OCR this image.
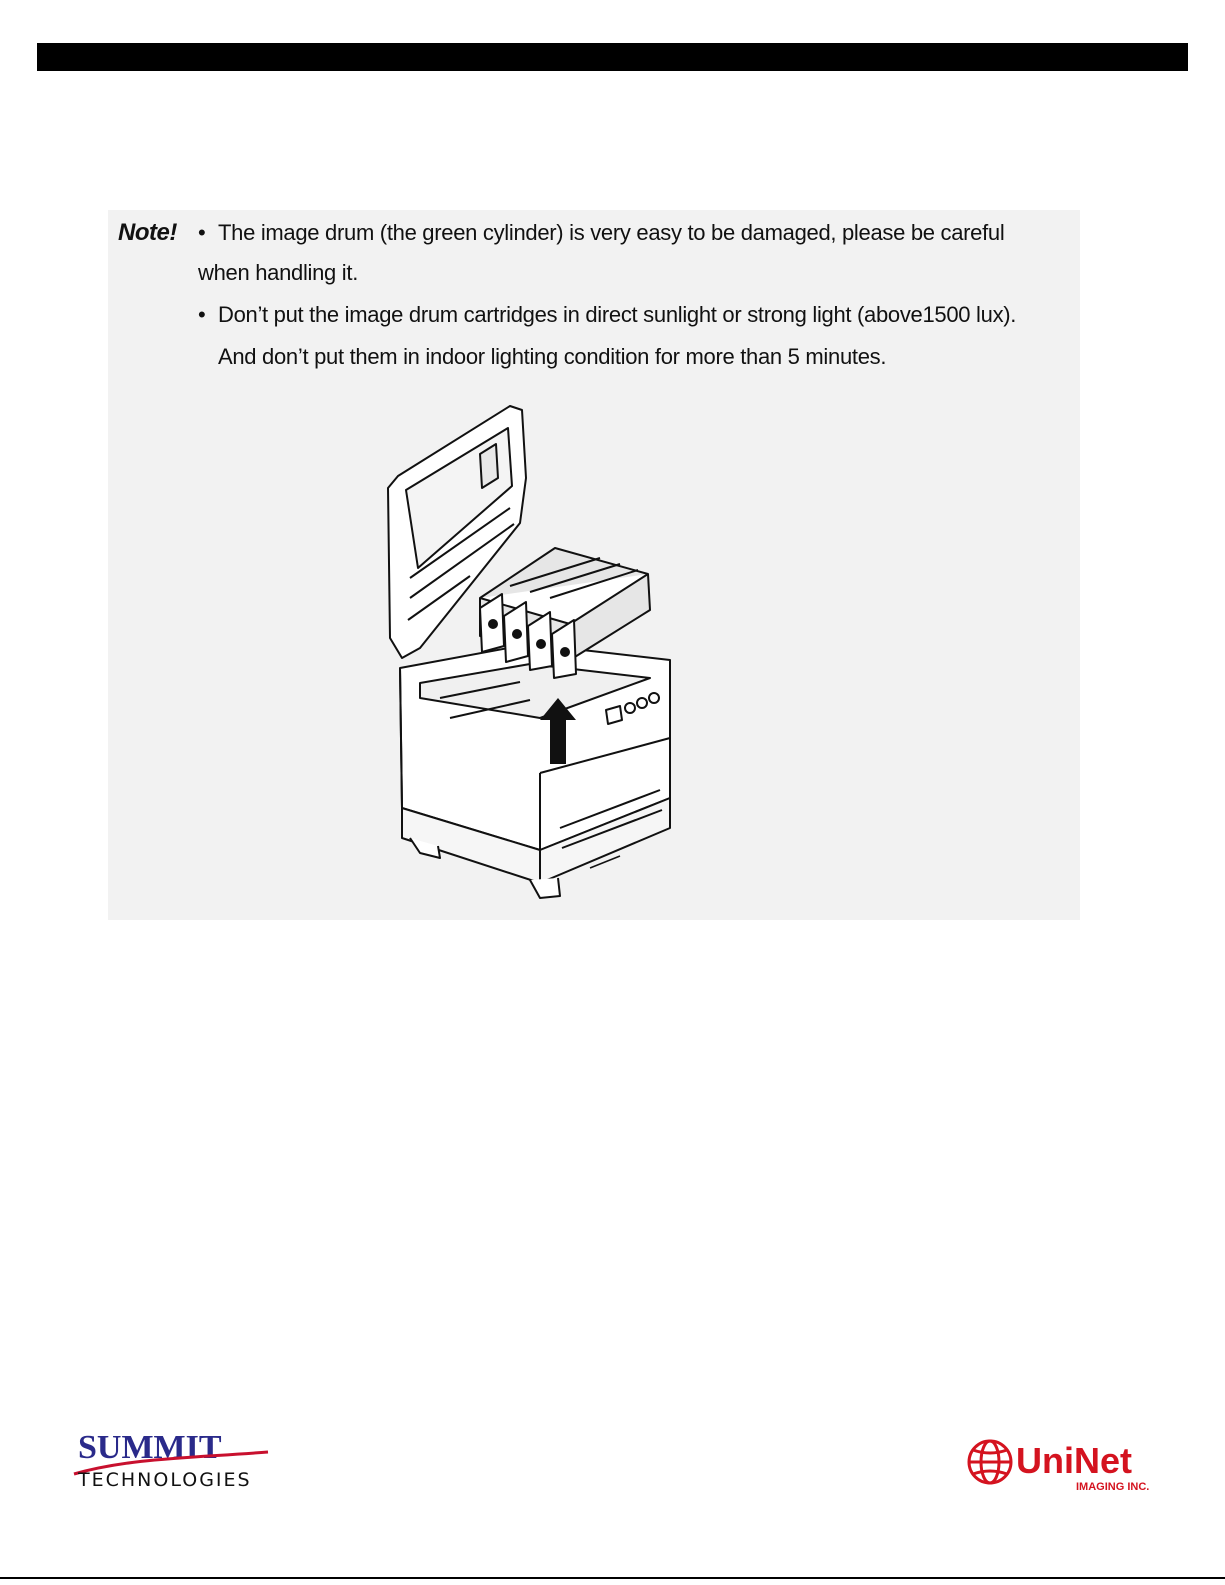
Note! • The image drum (the green cylinder) is very easy to be damaged, please be careful
when handling it.
• Don’t put the image drum cartridges in direct sunlight or strong light (above1500 lux).
And don’t put them in indoor lighting condition for more than 5 minutes.
SUMMIT
TECHNOLOGIES	UniNet
IMAGING INC.
